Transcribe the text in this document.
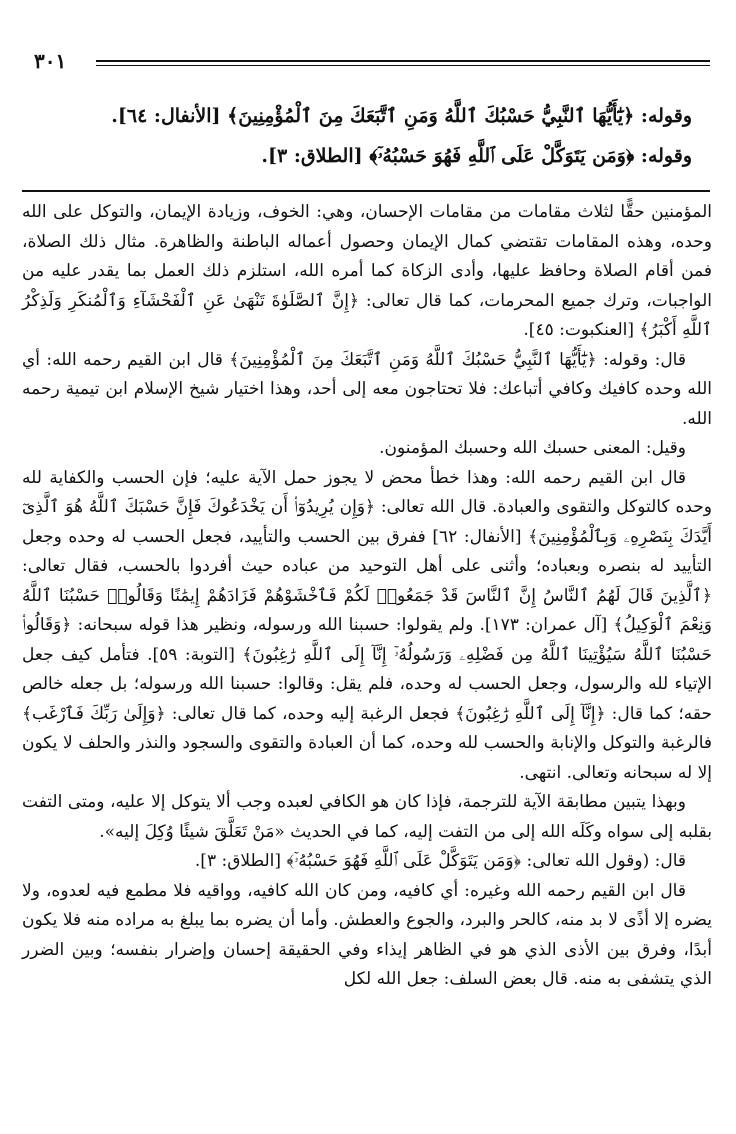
٣٠١
وقوله: ﴿يَٰٓأَيُّهَا ٱلنَّبِيُّ حَسْبُكَ ٱللَّهُ وَمَنِ ٱتَّبَعَكَ مِنَ ٱلْمُؤْمِنِينَ﴾ [الأنفال: ٦٤].
وقوله: ﴿وَمَن يَتَوَكَّلْ عَلَى ٱللَّهِ فَهُوَ حَسْبُهُۥٓ﴾ [الطلاق: ٣].

المؤمنين حقًّا لثلاث مقامات من مقامات الإحسان، وهي: الخوف، وزيادة الإيمان، والتوكل على الله وحده، وهذه المقامات تقتضي كمال الإيمان وحصول أعماله الباطنة والظاهرة. مثال ذلك الصلاة، فمن أقام الصلاة وحافظ عليها، وأدى الزكاة كما أمره الله، استلزم ذلك العمل بما يقدر عليه من الواجبات، وترك جميع المحرمات، كما قال تعالى: ﴿إِنَّ ٱلصَّلَوٰةَ تَنْهَىٰ عَنِ ٱلْفَحْشَآءِ وَٱلْمُنكَرِ وَلَذِكْرُ ٱللَّهِ أَكْبَرُ﴾ [العنكبوت: ٤٥].

قال: وقوله: ﴿يَٰٓأَيُّهَا ٱلنَّبِيُّ حَسْبُكَ ٱللَّهُ وَمَنِ ٱتَّبَعَكَ مِنَ ٱلْمُؤْمِنِينَ﴾ قال ابن القيم رحمه الله: أي الله وحده كافيك وكافي أتباعك: فلا تحتاجون معه إلى أحد، وهذا اختيار شيخ الإسلام ابن تيمية رحمه الله.

وقيل: المعنى حسبك الله وحسبك المؤمنون.

قال ابن القيم رحمه الله: وهذا خطأ محض لا يجوز حمل الآية عليه؛ فإن الحسب والكفاية لله وحده كالتوكل والتقوى والعبادة. قال الله تعالى: ﴿وَإِن يُرِيدُوٓا۟ أَن يَخْدَعُوكَ فَإِنَّ حَسْبَكَ ٱللَّهُ هُوَ ٱلَّذِىٓ أَيَّدَكَ بِنَصْرِهِۦ وَبِٱلْمُؤْمِنِينَ﴾ [الأنفال: ٦٢] ففرق بين الحسب والتأييد، فجعل الحسب له وحده وجعل التأييد له بنصره وبعباده؛ وأثنى على أهل التوحيد من عباده حيث أفردوا بالحسب، فقال تعالى: ﴿ٱلَّذِينَ قَالَ لَهُمُ ٱلنَّاسُ إِنَّ ٱلنَّاسَ قَدْ جَمَعُوا۟ لَكُمْ فَٱخْشَوْهُمْ فَزَادَهُمْ إِيمَٰنًا وَقَالُوا۟ حَسْبُنَا ٱللَّهُ وَنِعْمَ ٱلْوَكِيلُ﴾ [آل عمران: ١٧٣]. ولم يقولوا: حسبنا الله ورسوله، ونظير هذا قوله سبحانه: ﴿وَقَالُوا۟ حَسْبُنَا ٱللَّهُ سَيُؤْتِينَا ٱللَّهُ مِن فَضْلِهِۦ وَرَسُولُهُۥٓ إِنَّآ إِلَى ٱللَّهِ رَٰغِبُونَ﴾ [التوبة: ٥٩]. فتأمل كيف جعل الإتياء لله والرسول، وجعل الحسب له وحده، فلم يقل: وقالوا: حسبنا الله ورسوله؛ بل جعله خالص حقه؛ كما قال: ﴿إِنَّآ إِلَى ٱللَّهِ رَٰغِبُونَ﴾ فجعل الرغبة إليه وحده، كما قال تعالى: ﴿وَإِلَىٰ رَبِّكَ فَٱرْغَب﴾ فالرغبة والتوكل والإنابة والحسب لله وحده، كما أن العبادة والتقوى والسجود والنذر والحلف لا يكون إلا له سبحانه وتعالى. انتهى.

وبهذا يتبين مطابقة الآية للترجمة، فإذا كان هو الكافي لعبده وجب ألا يتوكل إلا عليه، ومتى التفت بقلبه إلى سواه وكَلَه الله إلى من التفت إليه، كما في الحديث «مَنْ تَعَلَّقَ شيئًا وُكِلَ إليه».

قال: (وقول الله تعالى: ﴿وَمَن يَتَوَكَّلْ عَلَى ٱللَّهِ فَهُوَ حَسْبُهُۥٓ﴾ [الطلاق: ٣].

قال ابن القيم رحمه الله وغيره: أي كافيه، ومن كان الله كافيه، وواقيه فلا مطمع فيه لعدوه، ولا يضره إلا أذًى لا بد منه، كالحر والبرد، والجوع والعطش. وأما أن يضره بما يبلغ به مراده منه فلا يكون أبدًا، وفرق بين الأذى الذي هو في الظاهر إيذاء وفي الحقيقة إحسان وإضرار بنفسه؛ وبين الضرر الذي يتشفى به منه. قال بعض السلف: جعل الله لكل
